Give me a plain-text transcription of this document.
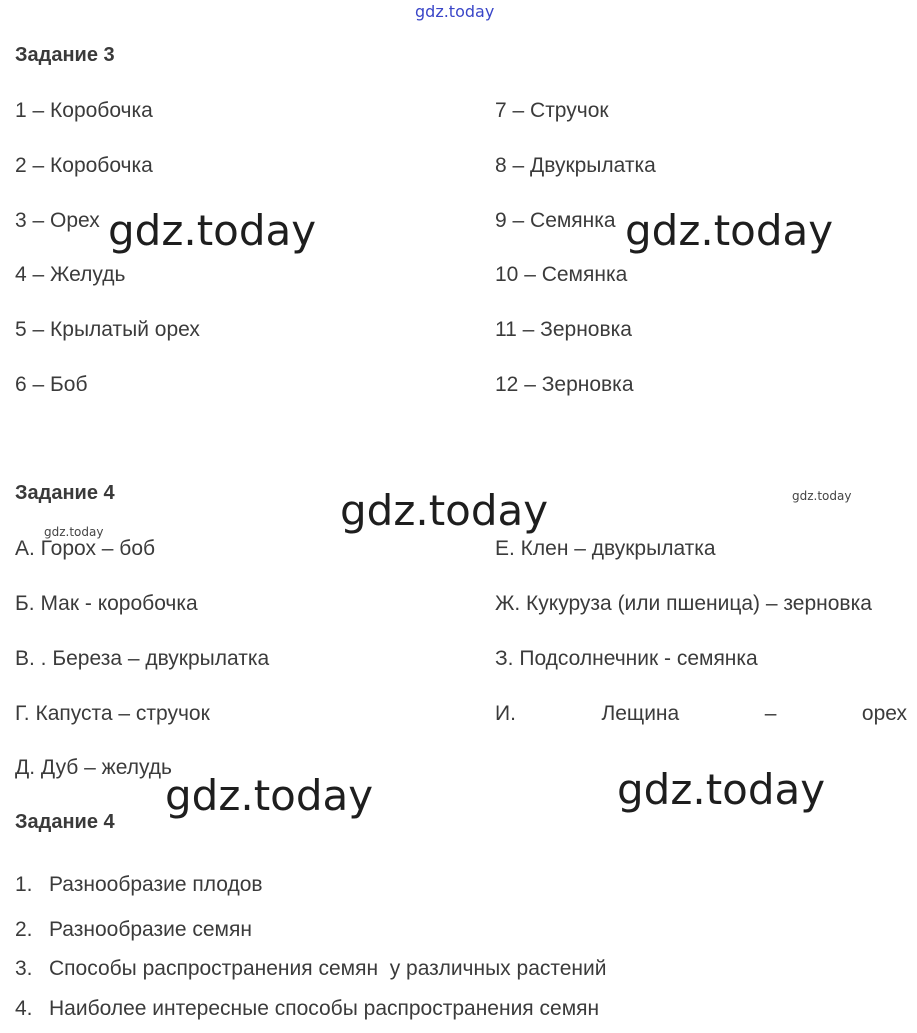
gdz.today
Задание 3
1 – Коробочка
2 – Коробочка
3 – Орех
4 – Желудь
5 – Крылатый орех
6 – Боб
7 – Стручок
8 – Двукрылатка
9 – Семянка
10 – Семянка
11 – Зерновка
12 – Зерновка
gdz.today	gdz.today
Задание 4	gdz.today	gdz.today
gdz.today
А. Горох – боб
Б. Мак - коробочка
В. . Береза – двукрылатка
Г. Капуста – стручок
Д. Дуб – желудь
Е. Клен – двукрылатка
Ж. Кукуруза (или пшеница) – зерновка
З. Подсолнечник - семянка
И.	Лещина	–	орех
gdz.today	gdz.today
Задание 4
1. Разнообразие плодов
2. Разнообразие семян
3. Способы распространения семян  у различных растений
4. Наиболее интересные способы распространения семян
